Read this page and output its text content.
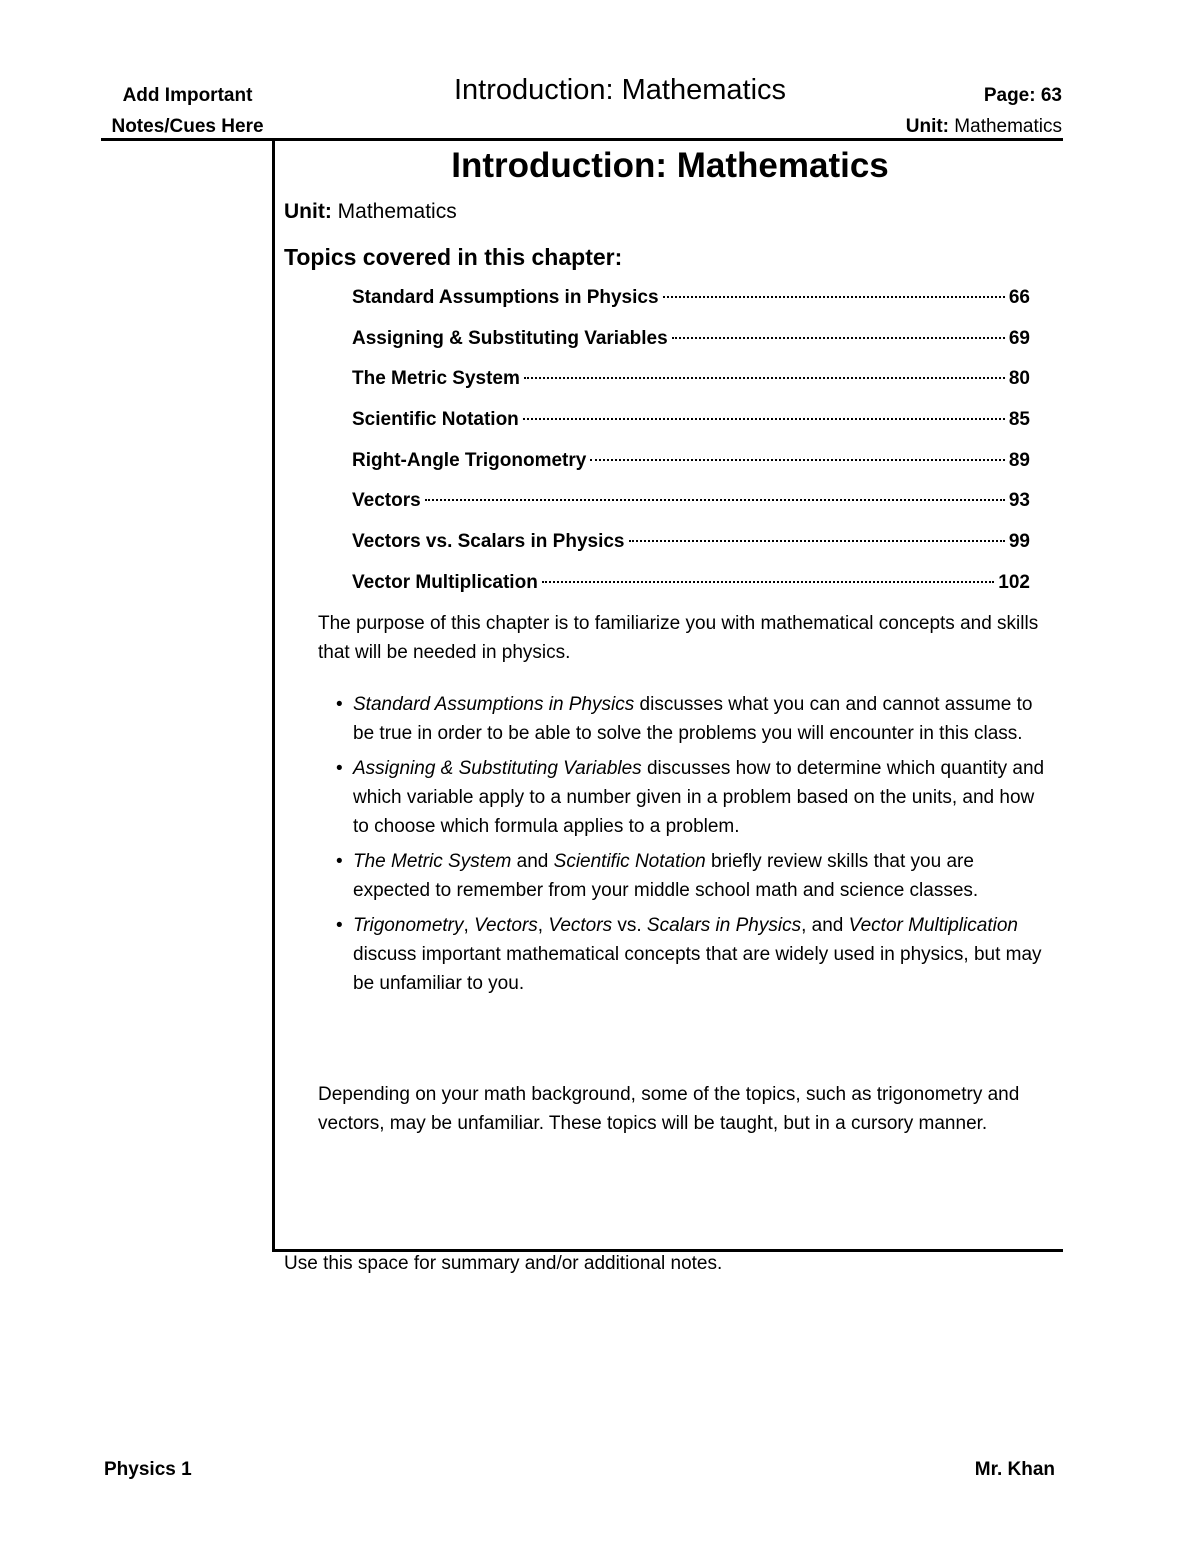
Add Important
Notes/Cues Here
Introduction: Mathematics	Page: 63
Unit: Mathematics
Introduction: Mathematics
Unit: Mathematics
Topics covered in this chapter:
Standard Assumptions in Physics	66
Assigning & Substituting Variables	69
The Metric System	80
Scientific Notation	85
Right-Angle Trigonometry	89
Vectors	93
Vectors vs. Scalars in Physics	99
Vector Multiplication	102

The purpose of this chapter is to familiarize you with mathematical concepts and skills that will be needed in physics.

• Standard Assumptions in Physics discusses what you can and cannot assume to be true in order to be able to solve the problems you will encounter in this class.
• Assigning & Substituting Variables discusses how to determine which quantity and which variable apply to a number given in a problem based on the units, and how to choose which formula applies to a problem.
• The Metric System and Scientific Notation briefly review skills that you are expected to remember from your middle school math and science classes.
• Trigonometry, Vectors, Vectors vs. Scalars in Physics, and Vector Multiplication discuss important mathematical concepts that are widely used in physics, but may be unfamiliar to you.

Depending on your math background, some of the topics, such as trigonometry and vectors, may be unfamiliar. These topics will be taught, but in a cursory manner.

Use this space for summary and/or additional notes.
Physics 1	Mr. Khan
